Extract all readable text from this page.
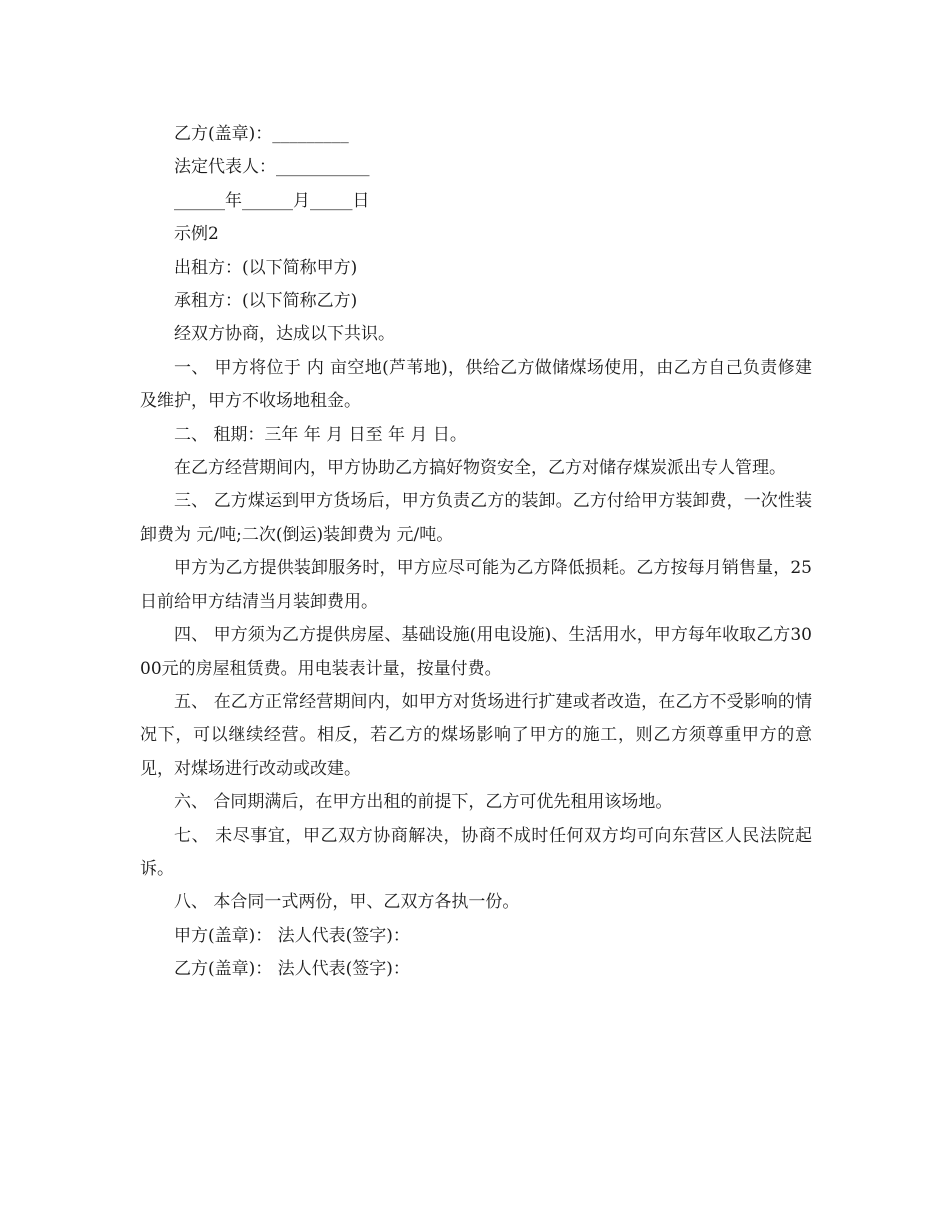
乙方(盖章)：_________

法定代表人：___________

______年______月_____日

示例2

出租方：(以下简称甲方)

承租方：(以下简称乙方)

经双方协商，达成以下共识。

一、 甲方将位于 内 亩空地(芦苇地)，供给乙方做储煤场使用，由乙方自己负责修建及维护，甲方不收场地租金。

二、 租期：三年 年 月 日至 年 月 日。

在乙方经营期间内，甲方协助乙方搞好物资安全，乙方对储存煤炭派出专人管理。

三、 乙方煤运到甲方货场后，甲方负责乙方的装卸。乙方付给甲方装卸费，一次性装卸费为 元/吨;二次(倒运)装卸费为 元/吨。

甲方为乙方提供装卸服务时，甲方应尽可能为乙方降低损耗。乙方按每月销售量，25日前给甲方结清当月装卸费用。

四、 甲方须为乙方提供房屋、基础设施(用电设施)、生活用水，甲方每年收取乙方3000元的房屋租赁费。用电装表计量，按量付费。

五、 在乙方正常经营期间内，如甲方对货场进行扩建或者改造，在乙方不受影响的情况下，可以继续经营。相反，若乙方的煤场影响了甲方的施工，则乙方须尊重甲方的意见，对煤场进行改动或改建。

六、 合同期满后，在甲方出租的前提下，乙方可优先租用该场地。

七、 未尽事宜，甲乙双方协商解决，协商不成时任何双方均可向东营区人民法院起诉。

八、 本合同一式两份，甲、乙双方各执一份。

甲方(盖章)： 法人代表(签字)：

乙方(盖章)： 法人代表(签字)：
